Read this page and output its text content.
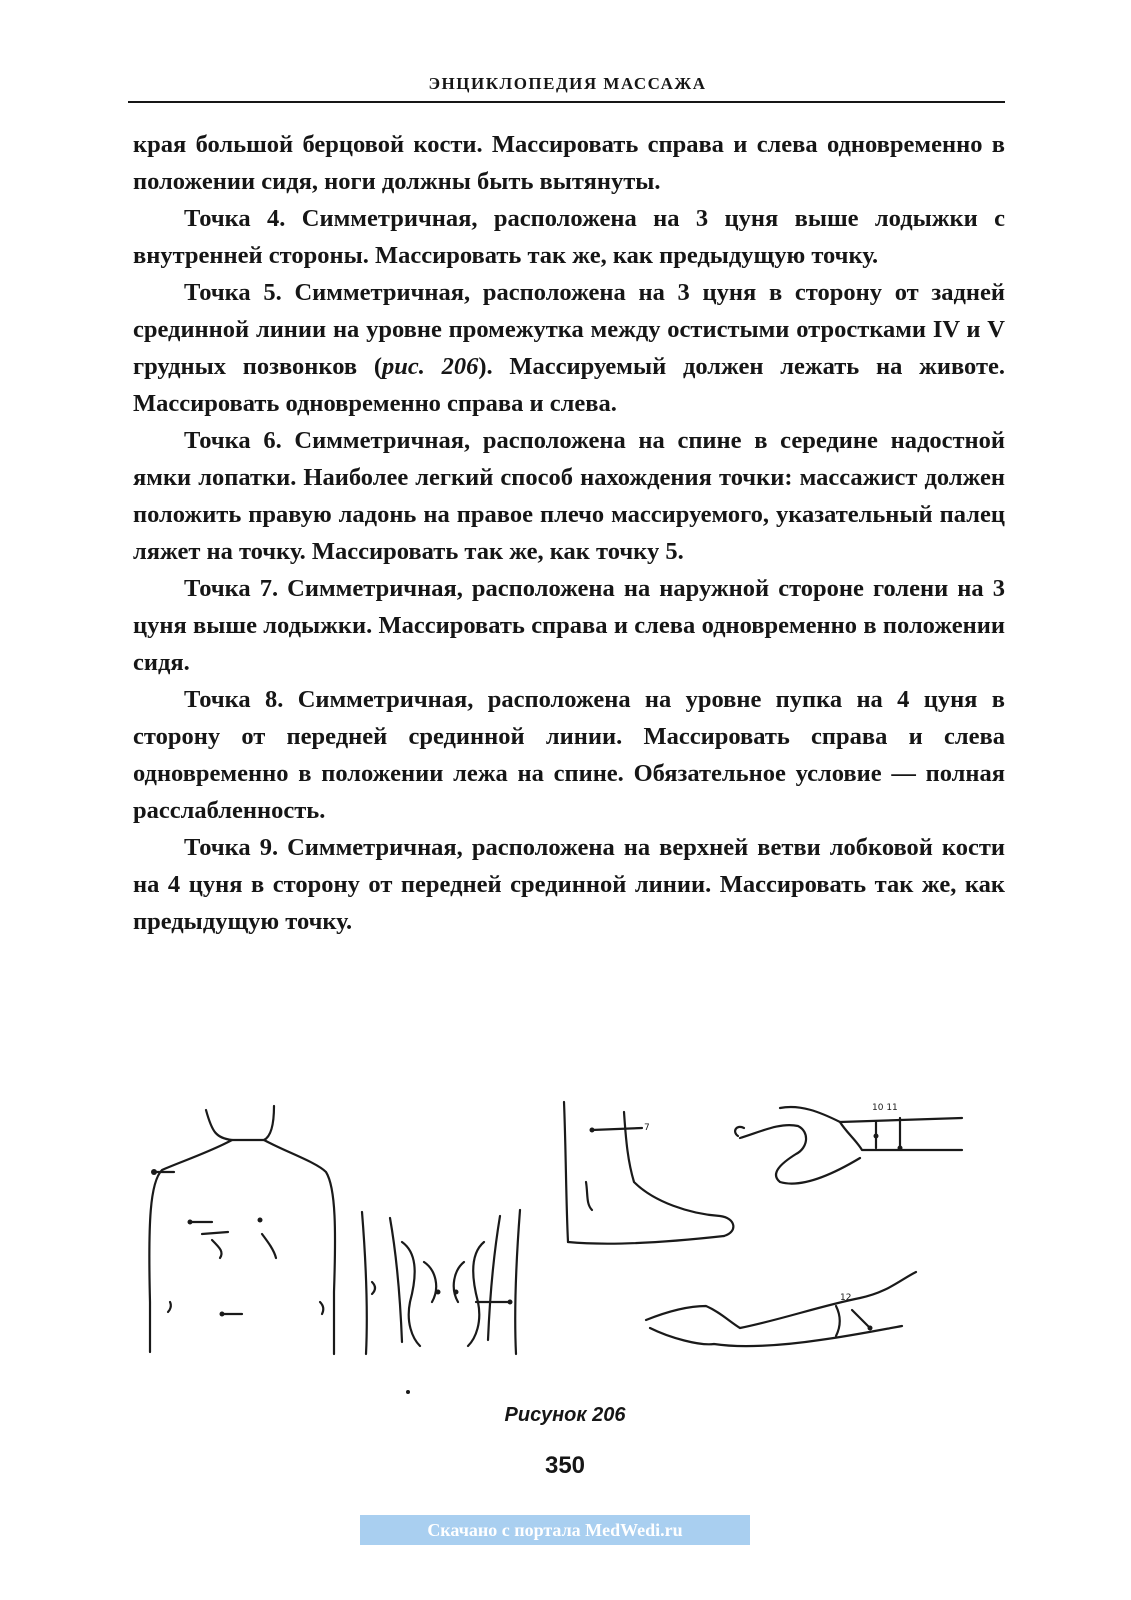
ЭНЦИКЛОПЕДИЯ МАССАЖА

края большой берцовой кости. Массировать справа и слева одновременно в положении сидя, ноги должны быть вытянуты.

Точка 4. Симметричная, расположена на 3 цуня выше лодыжки с внутренней стороны. Массировать так же, как предыдущую точку.

Точка 5. Симметричная, расположена на 3 цуня в сторону от задней срединной линии на уровне промежутка между остистыми отростками IV и V грудных позвонков (рис. 206). Массируемый должен лежать на животе. Массировать одновременно справа и слева.

Точка 6. Симметричная, расположена на спине в середине надостной ямки лопатки. Наиболее легкий способ нахождения точки: массажист должен положить правую ладонь на правое плечо массируемого, указательный палец ляжет на точку. Массировать так же, как точку 5.

Точка 7. Симметричная, расположена на наружной стороне голени на 3 цуня выше лодыжки. Массировать справа и слева одновременно в положении сидя.

Точка 8. Симметричная, расположена на уровне пупка на 4 цуня в сторону от передней срединной линии. Массировать справа и слева одновременно в положении лежа на спине. Обязательное условие — полная расслабленность.

Точка 9. Симметричная, расположена на верхней ветви лобковой кости на 4 цуня в сторону от передней срединной линии. Массировать так же, как предыдущую точку.

7
10 11
12
Рисунок 206
350
Скачано с портала MedWedi.ru
